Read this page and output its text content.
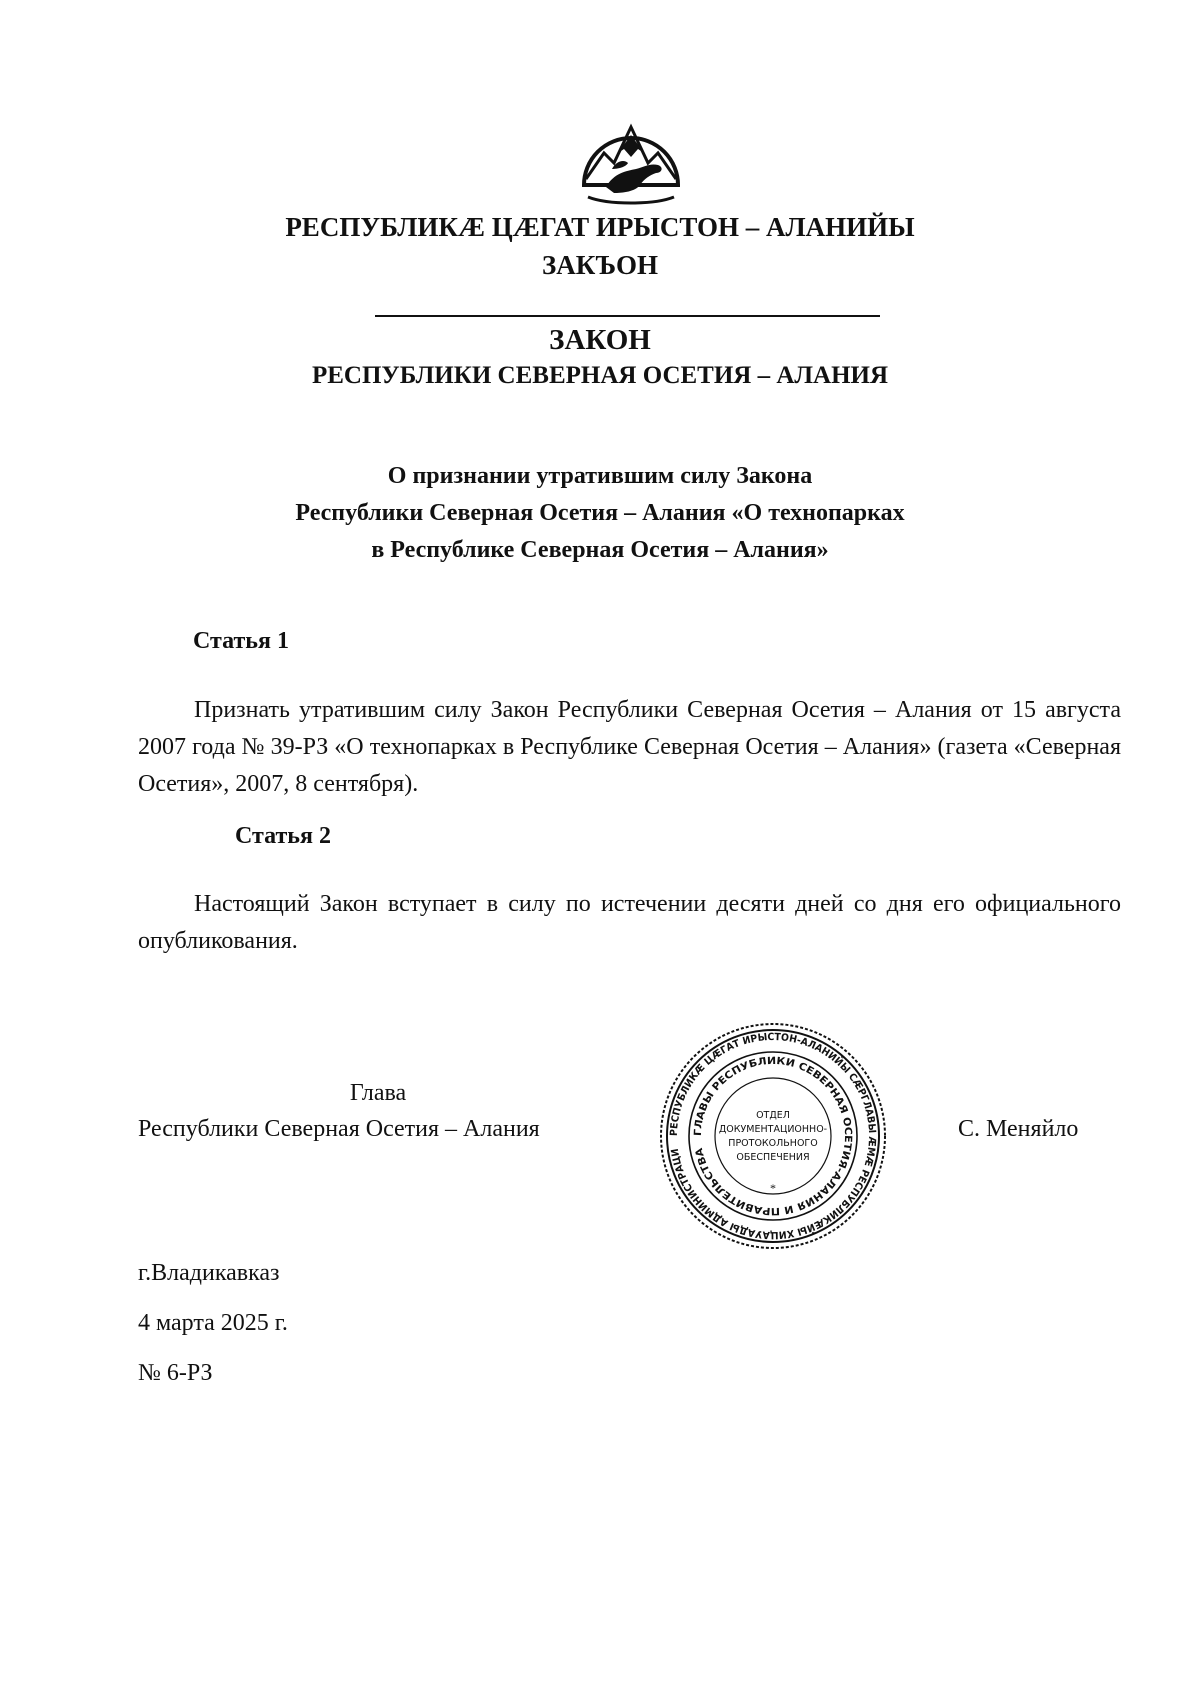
РЕСПУБЛИКÆ ЦÆГАТ ИРЫСТОН – АЛАНИЙЫ
ЗАКЪОН
ЗАКОН
РЕСПУБЛИКИ СЕВЕРНАЯ ОСЕТИЯ – АЛАНИЯ
О признании утратившим силу Закона
Республики Северная Осетия – Алания «О технопарках
в Республике Северная Осетия – Алания»
Статья 1
Признать утратившим силу Закон Республики Северная Осетия – Алания от 15 августа 2007 года № 39-РЗ «О технопарках в Республике Северная Осетия – Алания» (газета «Северная Осетия», 2007, 8 сентября).
Статья 2
Настоящий Закон вступает в силу по истечении десяти дней со дня его официального опубликования.
Глава
Республики Северная Осетия – Алания	С. Меняйло
РЕСПУБЛИКӔ ЦӔГАТ ИРЫСТОН-АЛАНИЙЫ СӔРГЛАВЫ ӔМӔ РЕСПУБЛИКӔЙЫ ХИЦАУАДЫ АДМИНИСТРАЦИ
ГЛАВЫ РЕСПУБЛИКИ СЕВЕРНАЯ ОСЕТИЯ-АЛАНИЯ И ПРАВИТЕЛЬСТВА
ОТДЕЛ
ДОКУМЕНТАЦИОННО-
ПРОТОКОЛЬНОГО
ОБЕСПЕЧЕНИЯ
*
г.Владикавказ
4 марта 2025 г.
№ 6-РЗ
